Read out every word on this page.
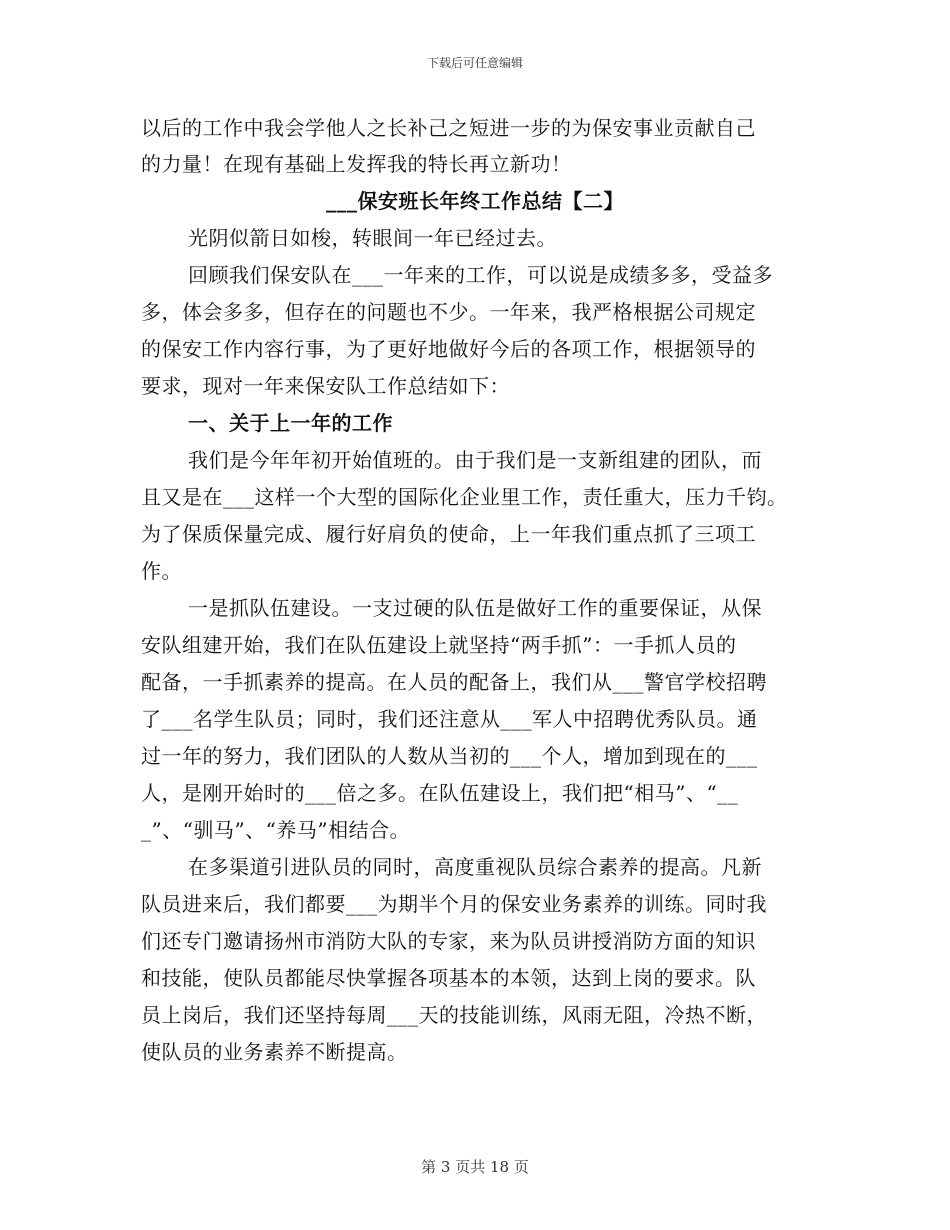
下载后可任意编辑
以后的工作中我会学他人之长补己之短进一步的为保安事业贡献自己
的力量！在现有基础上发挥我的特长再立新功！
___保安班长年终工作总结【二】
光阴似箭日如梭，转眼间一年已经过去。
回顾我们保安队在___一年来的工作，可以说是成绩多多，受益多
多，体会多多，但存在的问题也不少。一年来，我严格根据公司规定
的保安工作内容行事，为了更好地做好今后的各项工作，根据领导的
要求，现对一年来保安队工作总结如下：
一、关于上一年的工作
我们是今年年初开始值班的。由于我们是一支新组建的团队，而
且又是在___这样一个大型的国际化企业里工作，责任重大，压力千钧。
为了保质保量完成、履行好肩负的使命，上一年我们重点抓了三项工
作。
一是抓队伍建设。一支过硬的队伍是做好工作的重要保证，从保
安队组建开始，我们在队伍建设上就坚持“两手抓”：一手抓人员的
配备，一手抓素养的提高。在人员的配备上，我们从___警官学校招聘
了___名学生队员；同时，我们还注意从___军人中招聘优秀队员。通
过一年的努力，我们团队的人数从当初的___个人，增加到现在的___
人，是刚开始时的___倍之多。在队伍建设上，我们把“相马”、“__
_”、“驯马”、“养马”相结合。
在多渠道引进队员的同时，高度重视队员综合素养的提高。凡新
队员进来后，我们都要___为期半个月的保安业务素养的训练。同时我
们还专门邀请扬州市消防大队的专家，来为队员讲授消防方面的知识
和技能，使队员都能尽快掌握各项基本的本领，达到上岗的要求。队
员上岗后，我们还坚持每周___天的技能训练，风雨无阻，冷热不断，
使队员的业务素养不断提高。
第 3 页共 18 页
